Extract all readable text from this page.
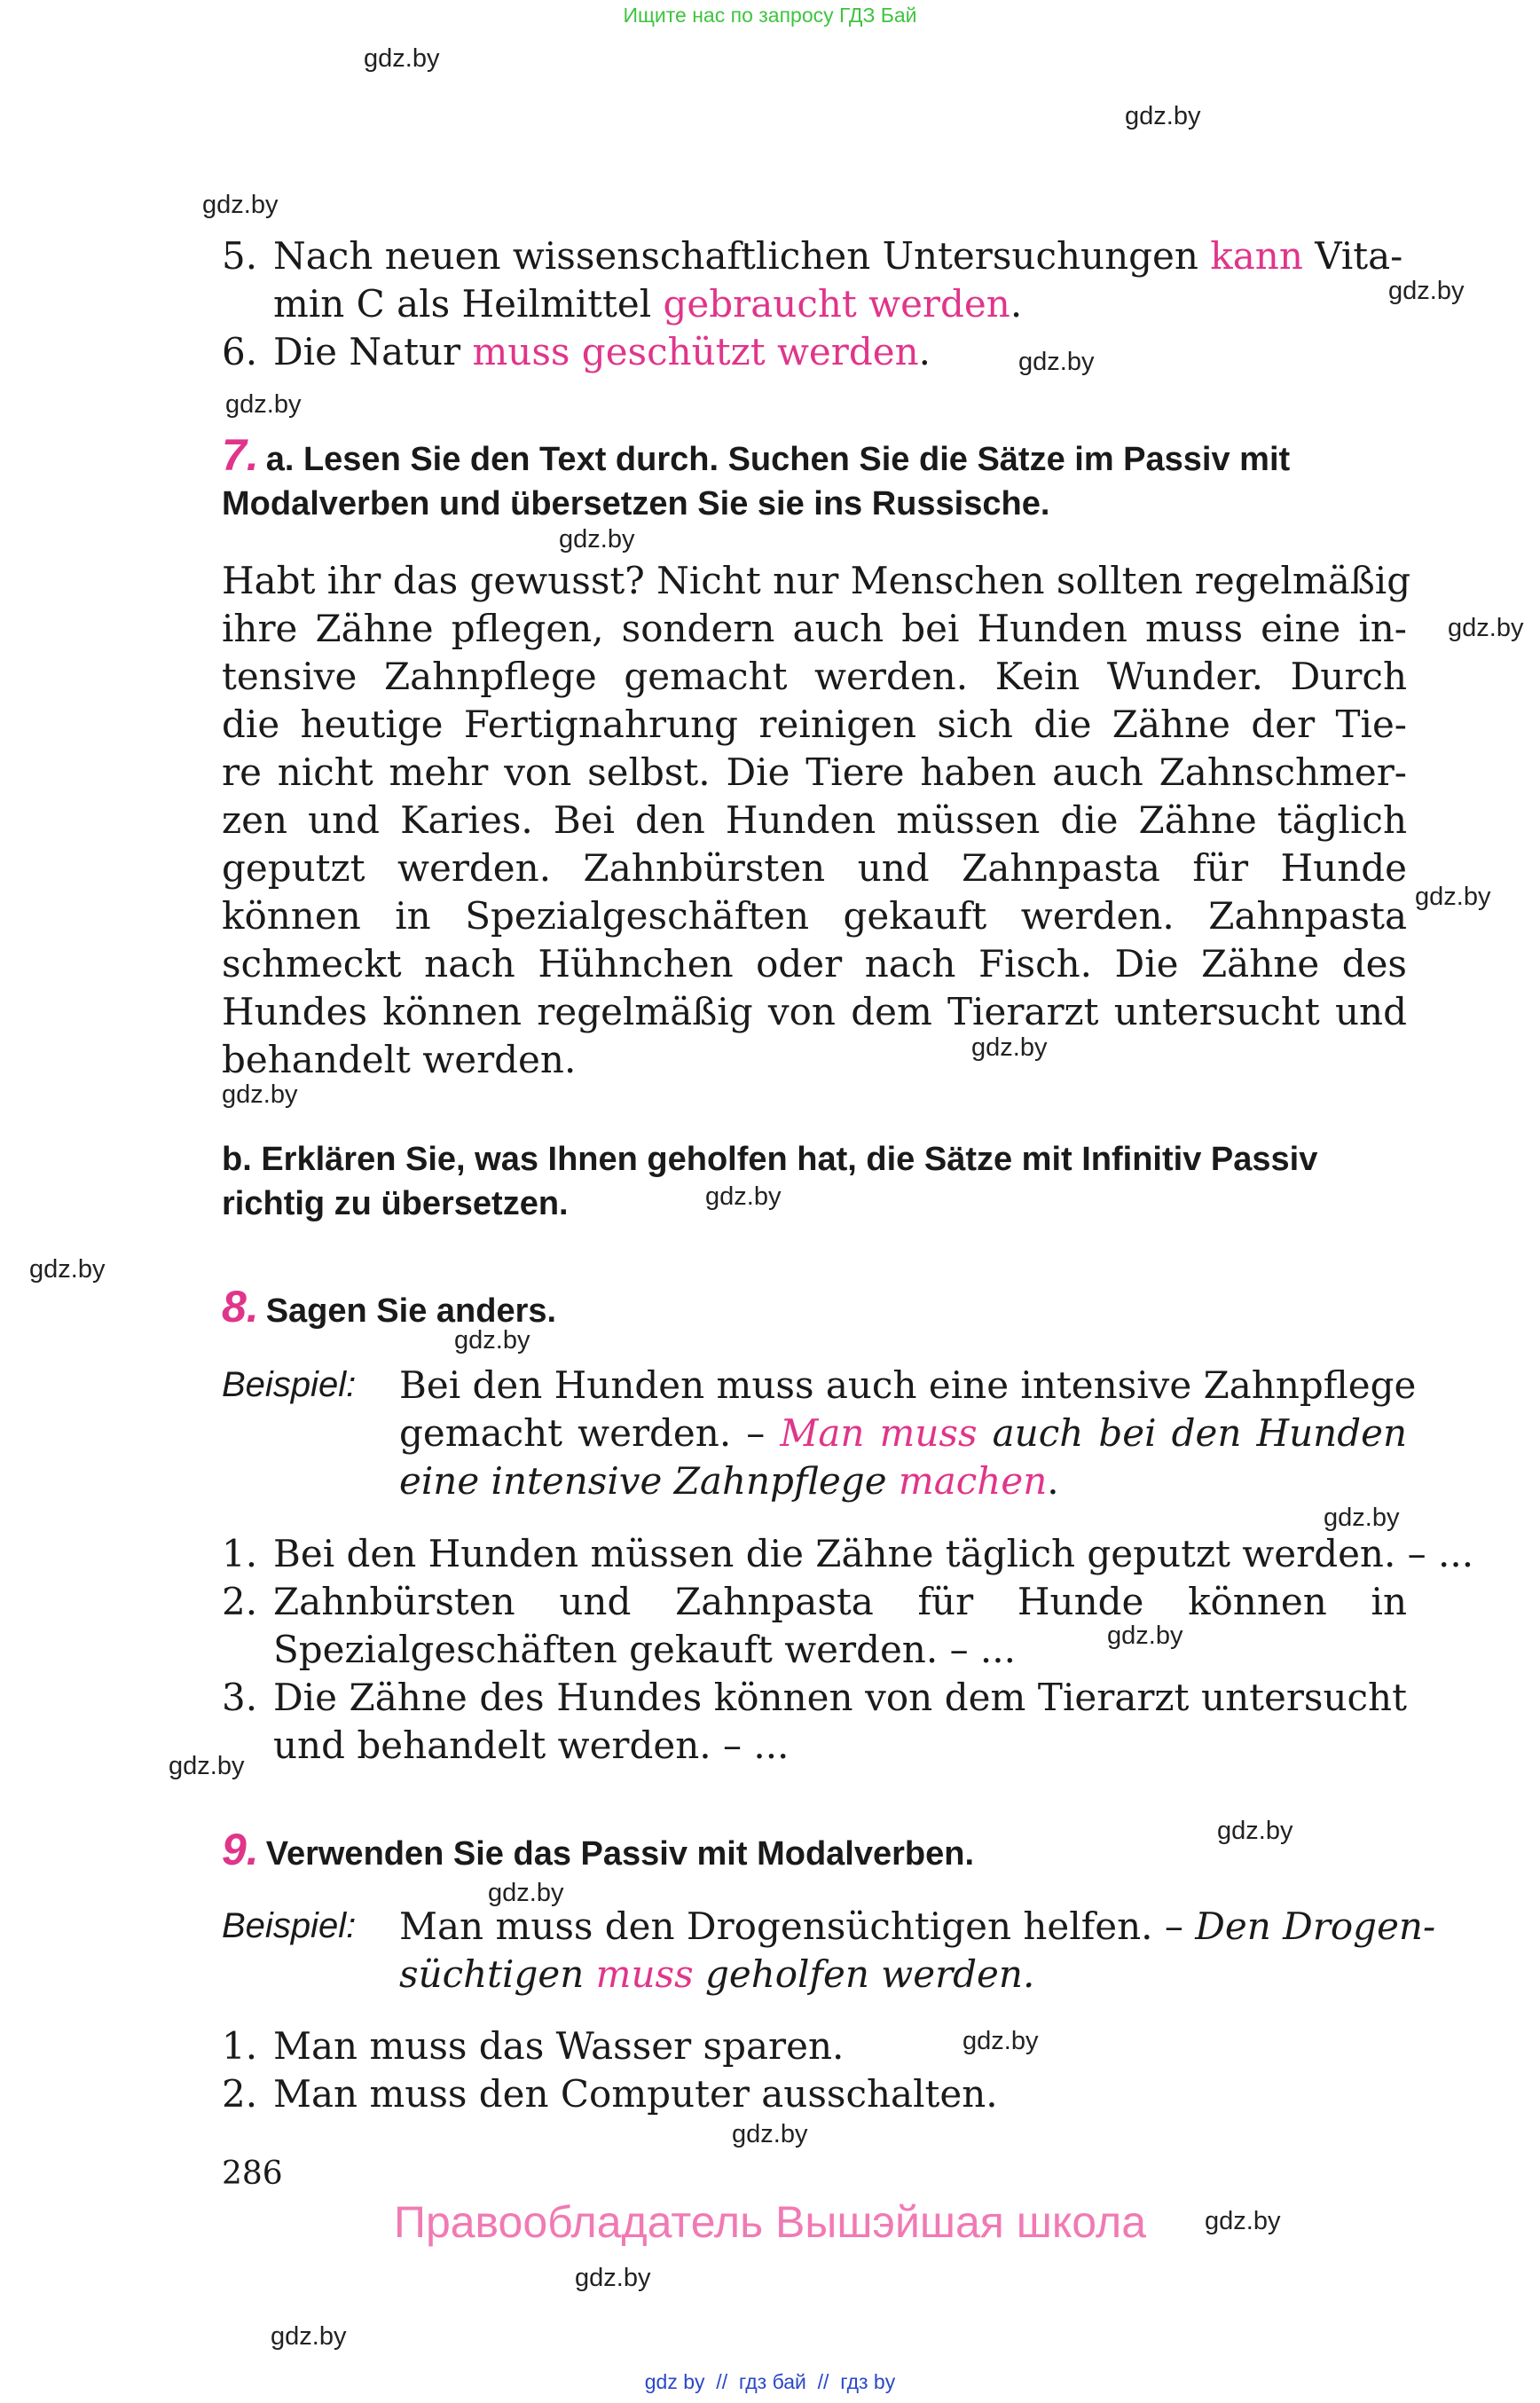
Ищите нас по запросу ГДЗ Бай
gdz.by
gdz.by
gdz.by
gdz.by
gdz.by
gdz.by
gdz.by
gdz.by
gdz.by
gdz.by
gdz.by
gdz.by
gdz.by
gdz.by
gdz.by
gdz.by
gdz.by
gdz.by
gdz.by
gdz.by
gdz.by
gdz.by
gdz.by
gdz.by
5. Nach neuen wissenschaftlichen Untersuchungen kann Vita-
min C als Heilmittel gebraucht werden.
6. Die Natur muss geschützt werden.
7. a. Lesen Sie den Text durch. Suchen Sie die Sätze im Passiv mit
Modalverben und übersetzen Sie sie ins Russische.
Habt ihr das gewusst? Nicht nur Menschen sollten regelmäßig
ihre Zähne pflegen, sondern auch bei Hunden muss eine in-
tensive Zahnpflege gemacht werden. Kein Wunder. Durch
die heutige Fertignahrung reinigen sich die Zähne der Tie-
re nicht mehr von selbst. Die Tiere haben auch Zahnschmer-
zen und Karies. Bei den Hunden müssen die Zähne täglich
geputzt werden. Zahnbürsten und Zahnpasta für Hunde
können in Spezialgeschäften gekauft werden. Zahnpasta
schmeckt nach Hühnchen oder nach Fisch. Die Zähne des
Hundes können regelmäßig von dem Tierarzt untersucht und
behandelt werden.
b. Erklären Sie, was Ihnen geholfen hat, die Sätze mit Infinitiv Passiv
richtig zu übersetzen.
8. Sagen Sie anders.
Beispiel: Bei den Hunden muss auch eine intensive Zahnpflege
gemacht werden. – Man muss auch bei den Hunden
eine intensive Zahnpflege machen.
1. Bei den Hunden müssen die Zähne täglich geputzt werden. – ...
2. Zahnbürsten und Zahnpasta für Hunde können in
Spezialgeschäften gekauft werden. – ...
3. Die Zähne des Hundes können von dem Tierarzt untersucht
und behandelt werden. – ...
9. Verwenden Sie das Passiv mit Modalverben.
Beispiel: Man muss den Drogensüchtigen helfen. – Den Drogen-
süchtigen muss geholfen werden.
1. Man muss das Wasser sparen.
2. Man muss den Computer ausschalten.
286
Правообладатель Вышэйшая школа
gdz by  //  гдз бай  //  гдз by
